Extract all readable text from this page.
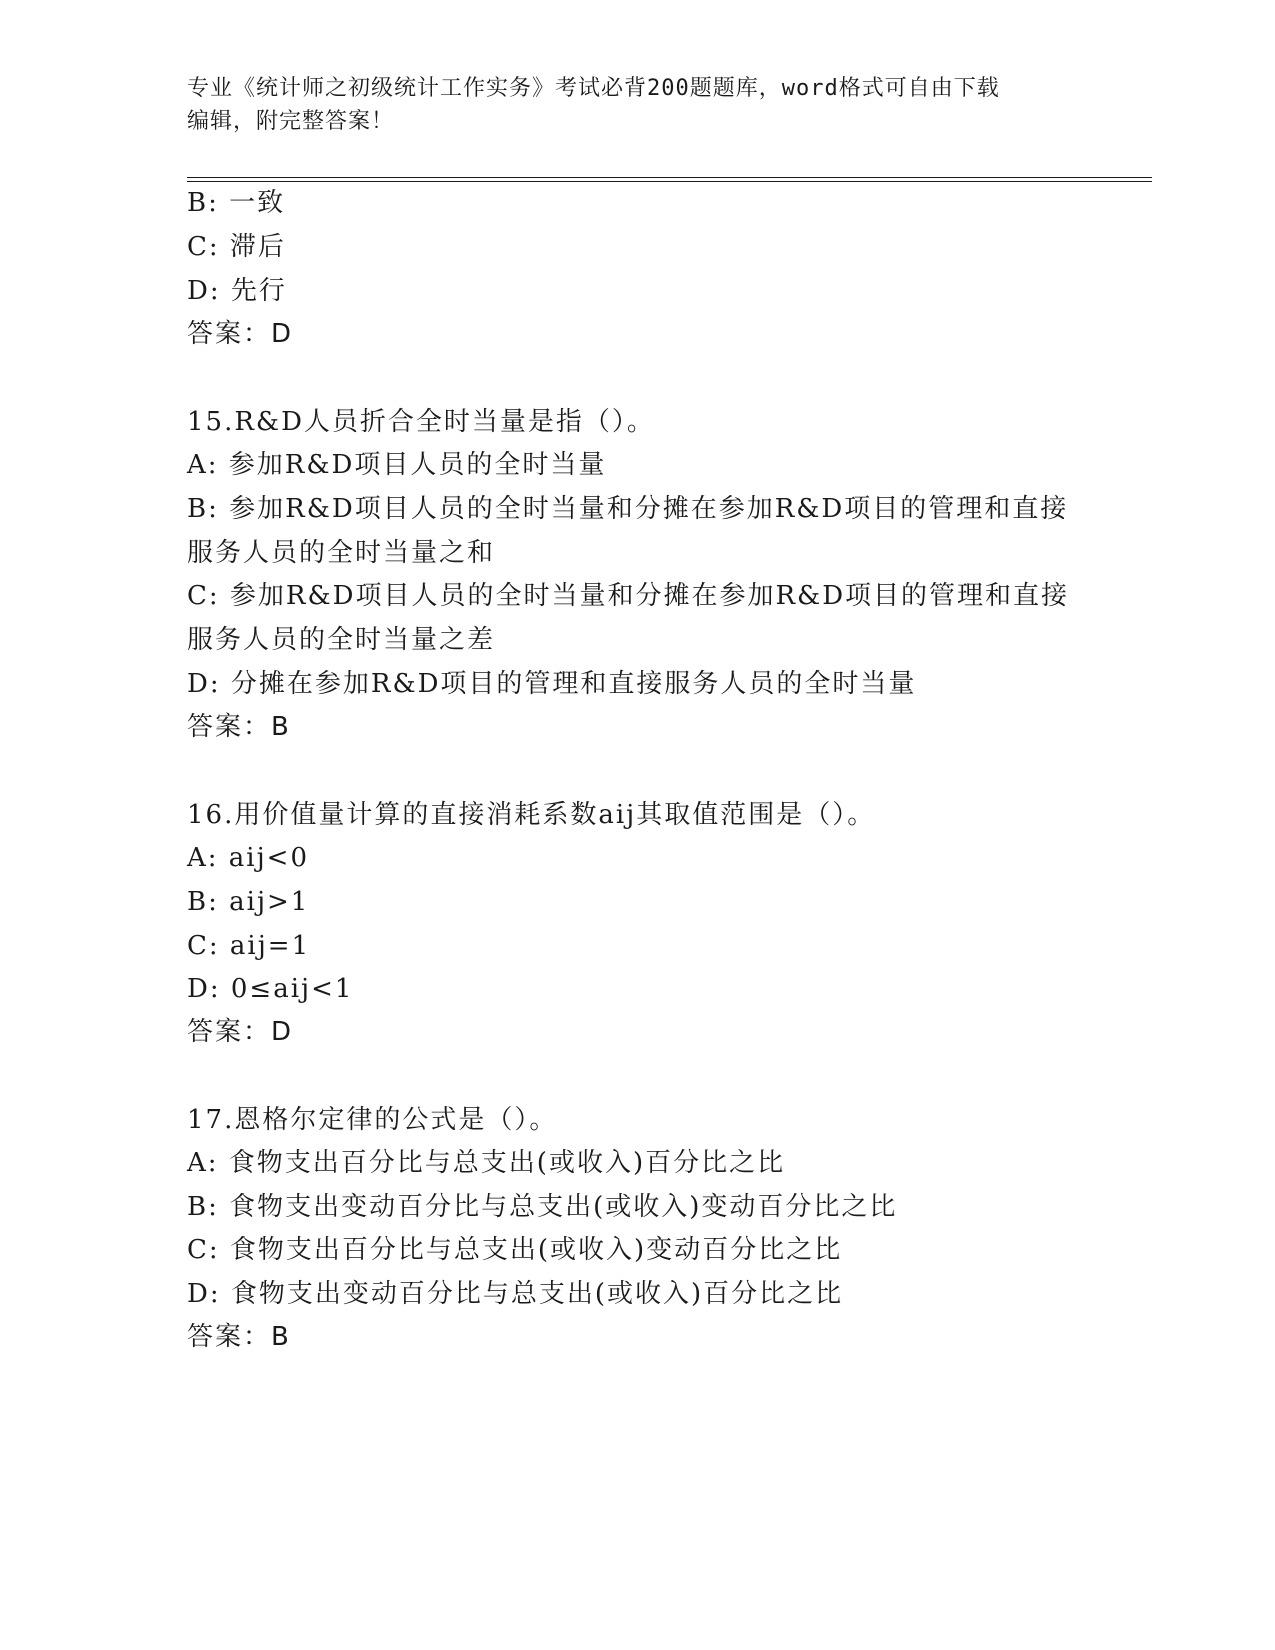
专业《统计师之初级统计工作实务》考试必背200题题库，word格式可自由下载

编辑，附完整答案！

B: 一致
C: 滞后
D: 先行
答案：D
15.R&D人员折合全时当量是指（）。
A: 参加R&D项目人员的全时当量
B: 参加R&D项目人员的全时当量和分摊在参加R&D项目的管理和直接
服务人员的全时当量之和
C: 参加R&D项目人员的全时当量和分摊在参加R&D项目的管理和直接
服务人员的全时当量之差
D: 分摊在参加R&D项目的管理和直接服务人员的全时当量
答案：B
16.用价值量计算的直接消耗系数aij其取值范围是（）。
A: aij<0
B: aij>1
C: aij=1
D: 0≤aij<1
答案：D
17.恩格尔定律的公式是（）。
A: 食物支出百分比与总支出(或收入)百分比之比
B: 食物支出变动百分比与总支出(或收入)变动百分比之比
C: 食物支出百分比与总支出(或收入)变动百分比之比
D: 食物支出变动百分比与总支出(或收入)百分比之比
答案：B
